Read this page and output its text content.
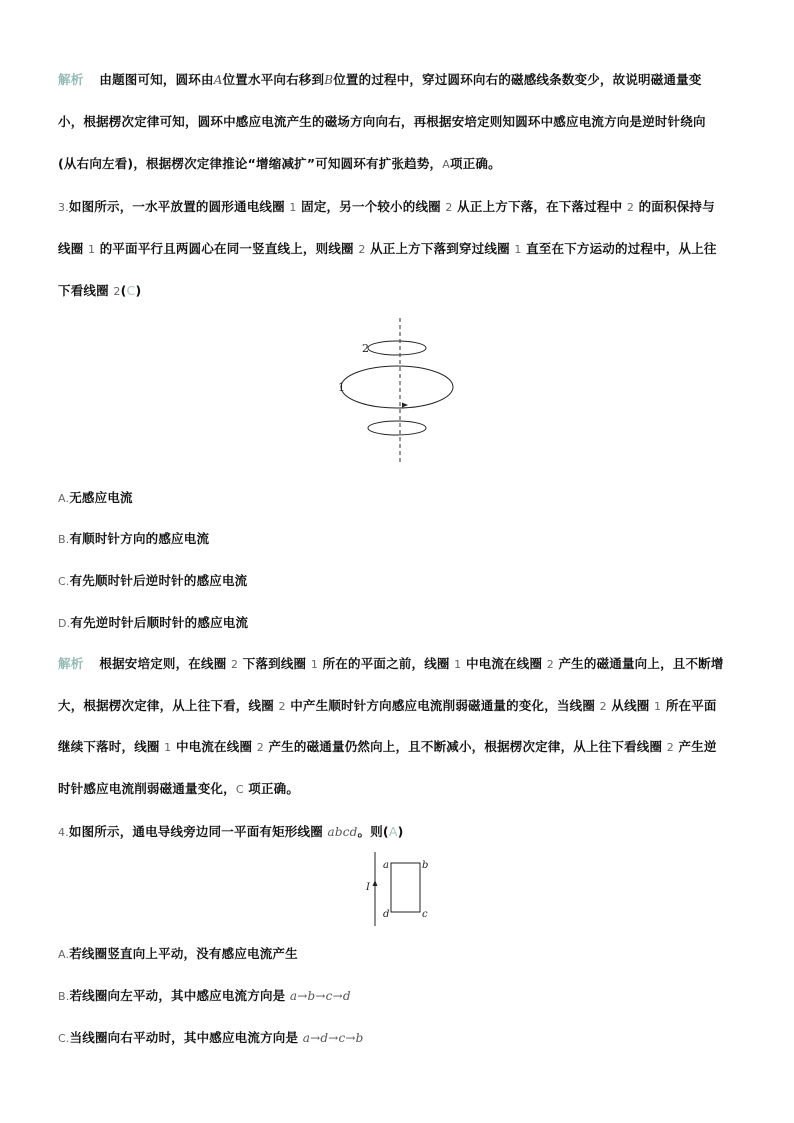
解析 由题图可知，圆环由A位置水平向右移到B位置的过程中，穿过圆环向右的磁感线条数变少，故说明磁通量变
小，根据楞次定律可知，圆环中感应电流产生的磁场方向向右，再根据安培定则知圆环中感应电流方向是逆时针绕向
(从右向左看)，根据楞次定律推论“增缩减扩”可知圆环有扩张趋势，A项正确。
3.如图所示，一水平放置的圆形通电线圈 1 固定，另一个较小的线圈 2 从正上方下落，在下落过程中 2 的面积保持与
线圈 1 的平面平行且两圆心在同一竖直线上，则线圈 2 从正上方下落到穿过线圈 1 直至在下方运动的过程中，从上往
下看线圈 2(C)
2
1
A.无感应电流
B.有顺时针方向的感应电流
C.有先顺时针后逆时针的感应电流
D.有先逆时针后顺时针的感应电流
解析 根据安培定则，在线圈 2 下落到线圈 1 所在的平面之前，线圈 1 中电流在线圈 2 产生的磁通量向上，且不断增
大，根据楞次定律，从上往下看，线圈 2 中产生顺时针方向感应电流削弱磁通量的变化，当线圈 2 从线圈 1 所在平面
继续下落时，线圈 1 中电流在线圈 2 产生的磁通量仍然向上，且不断减小，根据楞次定律，从上往下看线圈 2 产生逆
时针感应电流削弱磁通量变化，C 项正确。
4.如图所示，通电导线旁边同一平面有矩形线圈 abcd。则(A)
a	b
c
d
I
A.若线圈竖直向上平动，没有感应电流产生
B.若线圈向左平动，其中感应电流方向是 a→b→c→d
C.当线圈向右平动时，其中感应电流方向是 a→d→c→b
